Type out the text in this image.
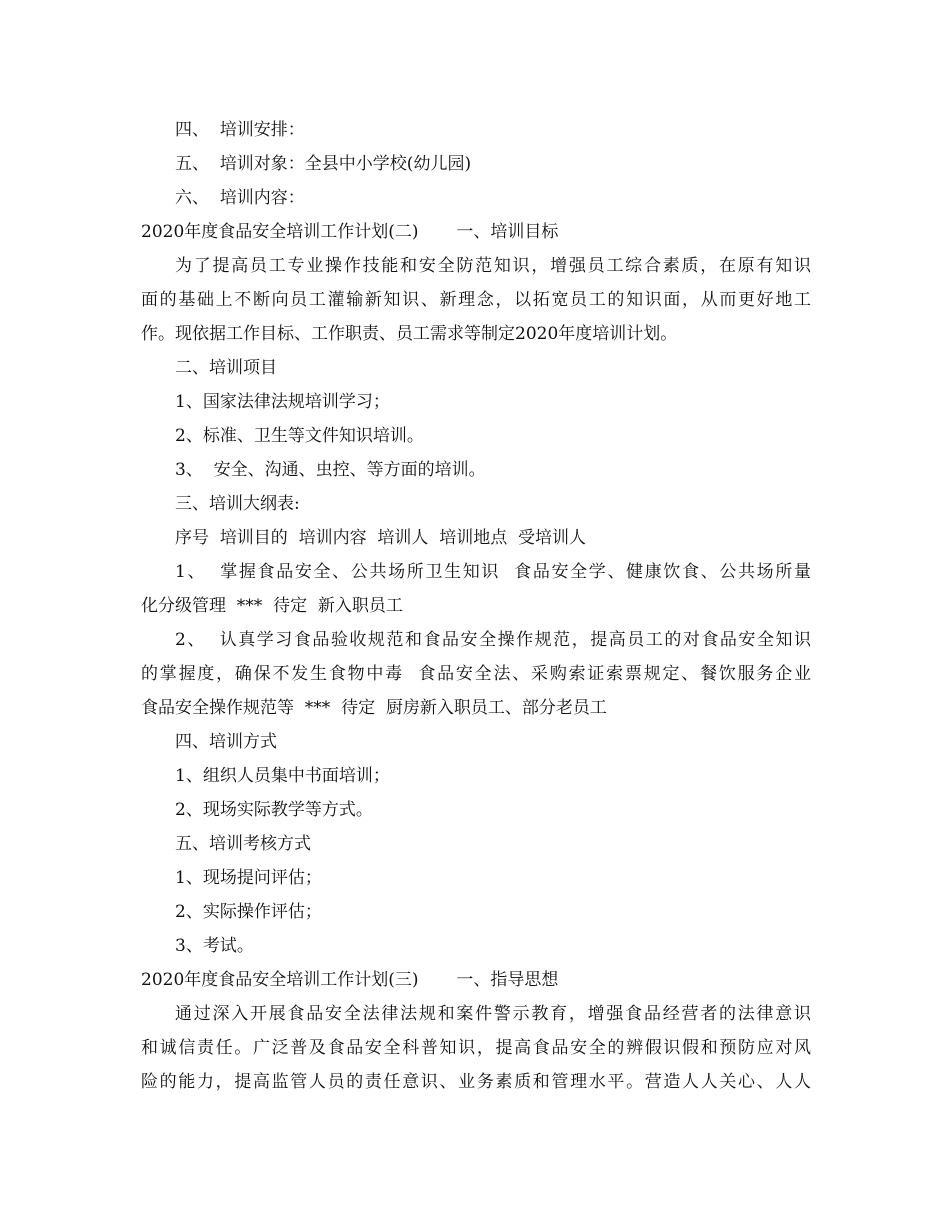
四、  培训安排：
五、  培训对象：全县中小学校(幼儿园)
六、  培训内容：
2020年度食品安全培训工作计划(二)       一、培训目标
为了提高员工专业操作技能和安全防范知识，增强员工综合素质，在原有知识
面的基础上不断向员工灌输新知识、新理念，以拓宽员工的知识面，从而更好地工
作。现依据工作目标、工作职责、员工需求等制定2020年度培训计划。
二、培训项目
1、国家法律法规培训学习；
2、标准、卫生等文件知识培训。
3、  安全、沟通、虫控、等方面的培训。
三、培训大纲表:
序号  培训目的  培训内容  培训人  培训地点  受培训人
1、  掌握食品安全、公共场所卫生知识  食品安全学、健康饮食、公共场所量
化分级管理  ***  待定  新入职员工
2、  认真学习食品验收规范和食品安全操作规范，提高员工的对食品安全知识
的掌握度，确保不发生食物中毒  食品安全法、采购索证索票规定、餐饮服务企业
食品安全操作规范等  ***  待定  厨房新入职员工、部分老员工
四、培训方式
1、组织人员集中书面培训；
2、现场实际教学等方式。
五、培训考核方式
1、现场提问评估；
2、实际操作评估；
3、考试。
2020年度食品安全培训工作计划(三)       一、指导思想
通过深入开展食品安全法律法规和案件警示教育，增强食品经营者的法律意识
和诚信责任。广泛普及食品安全科普知识，提高食品安全的辨假识假和预防应对风
险的能力，提高监管人员的责任意识、业务素质和管理水平。营造人人关心、人人
